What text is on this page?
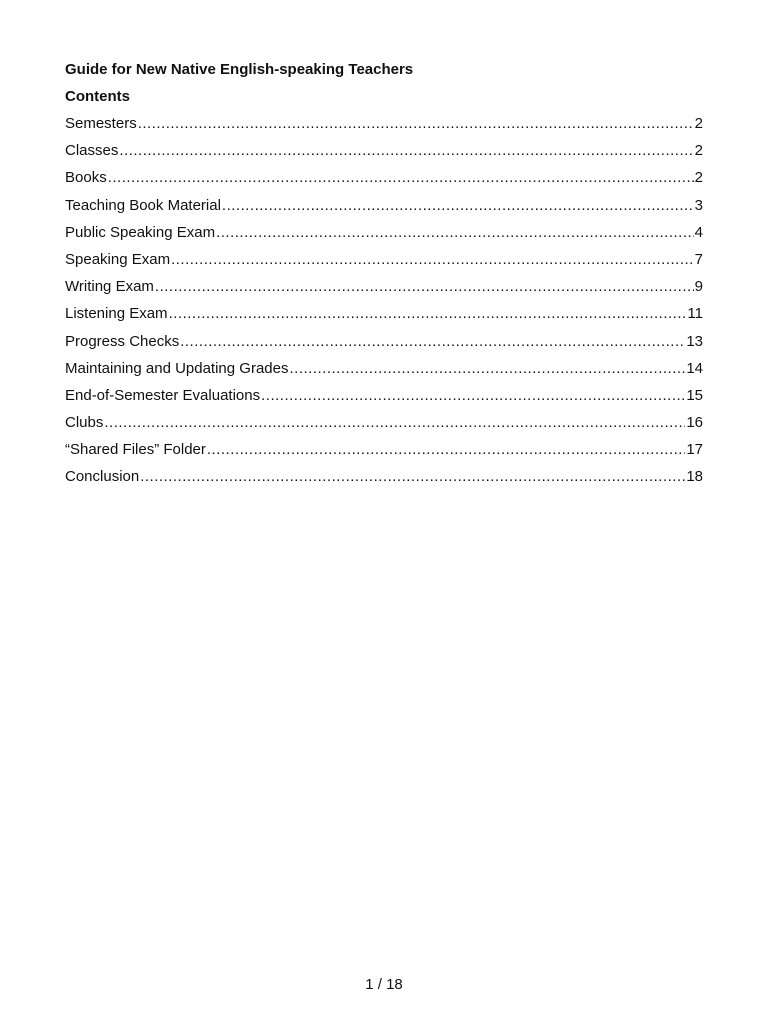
Guide for New Native English-speaking Teachers
Contents
Semesters .....	2
Classes .....	2
Books .....	2
Teaching Book Material .....	3
Public Speaking Exam .....	4
Speaking Exam .....	7
Writing Exam .....	9
Listening Exam .....	11
Progress Checks .....	13
Maintaining and Updating Grades .....	14
End-of-Semester Evaluations .....	15
Clubs .....	16
“Shared Files” Folder .....	17
Conclusion .....	18
1 / 18
